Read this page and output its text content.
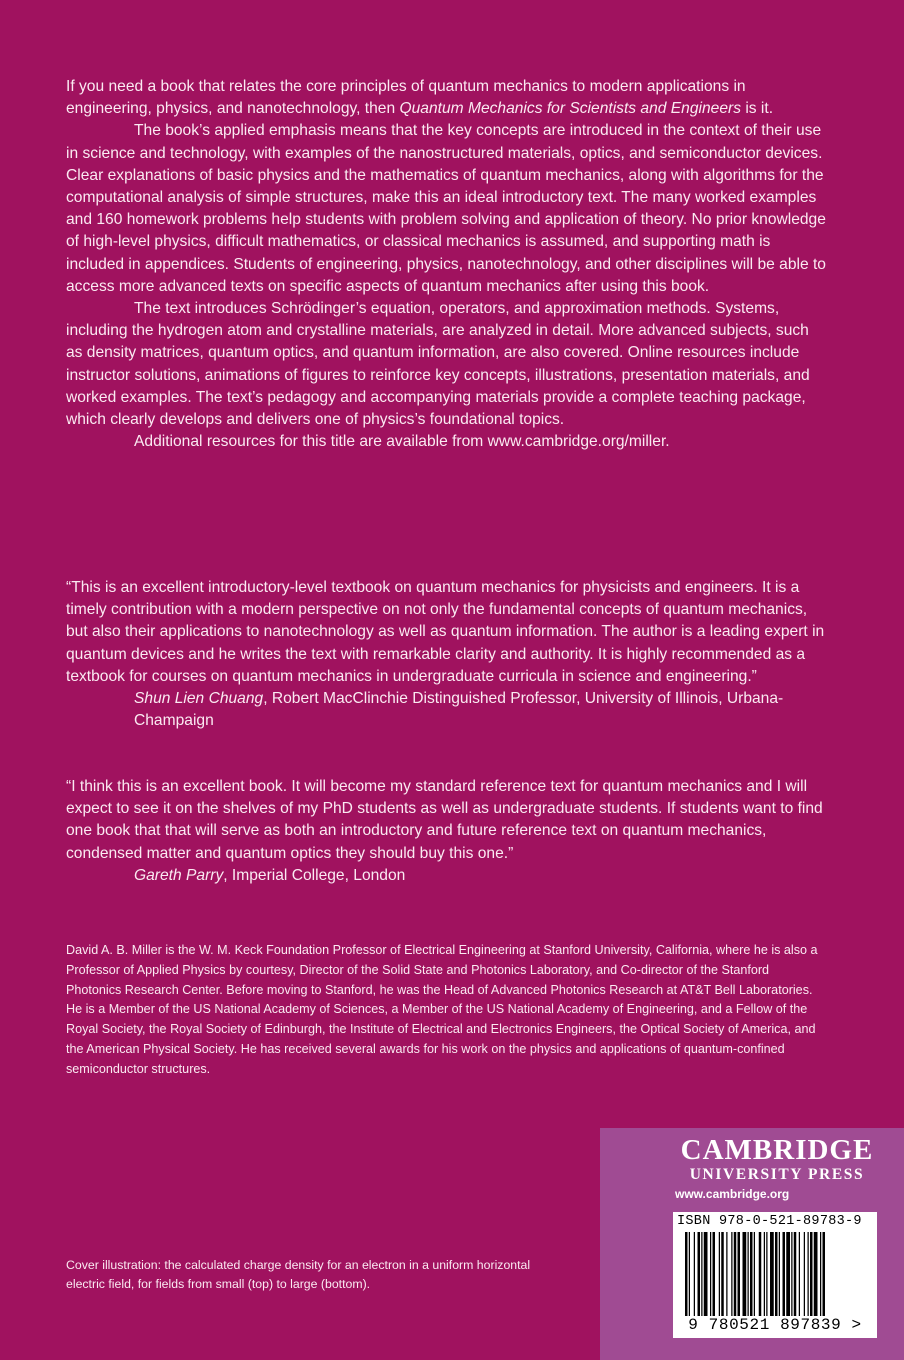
If you need a book that relates the core principles of quantum mechanics to modern applications in engineering, physics, and nanotechnology, then Quantum Mechanics for Scientists and Engineers is it.

The book’s applied emphasis means that the key concepts are introduced in the context of their use in science and technology, with examples of the nanostructured materials, optics, and semiconductor devices. Clear explanations of basic physics and the mathematics of quantum mechanics, along with algorithms for the computational analysis of simple structures, make this an ideal introductory text. The many worked examples and 160 homework problems help students with problem solving and application of theory. No prior knowledge of high-level physics, difficult mathematics, or classical mechanics is assumed, and supporting math is included in appendices. Students of engineering, physics, nanotechnology, and other disciplines will be able to access more advanced texts on specific aspects of quantum mechanics after using this book.

The text introduces Schrödinger’s equation, operators, and approximation methods. Systems, including the hydrogen atom and crystalline materials, are analyzed in detail. More advanced subjects, such as density matrices, quantum optics, and quantum information, are also covered. Online resources include instructor solutions, animations of figures to reinforce key concepts, illustrations, presentation materials, and worked examples. The text’s pedagogy and accompanying materials provide a complete teaching package, which clearly develops and delivers one of physics’s foundational topics.

Additional resources for this title are available from www.cambridge.org/miller.

“This is an excellent introductory-level textbook on quantum mechanics for physicists and engineers. It is a timely contribution with a modern perspective on not only the fundamental concepts of quantum mechanics, but also their applications to nanotechnology as well as quantum information. The author is a leading expert in quantum devices and he writes the text with remarkable clarity and authority. It is highly recommended as a textbook for courses on quantum mechanics in undergraduate curricula in science and engineering.”

Shun Lien Chuang, Robert MacClinchie Distinguished Professor, University of Illinois, Urbana-Champaign

“I think this is an excellent book. It will become my standard reference text for quantum mechanics and I will expect to see it on the shelves of my PhD students as well as undergraduate students. If students want to find one book that that will serve as both an introductory and future reference text on quantum mechanics, condensed matter and quantum optics they should buy this one.”

Gareth Parry, Imperial College, London

David A. B. Miller is the W. M. Keck Foundation Professor of Electrical Engineering at Stanford University, California, where he is also a Professor of Applied Physics by courtesy, Director of the Solid State and Photonics Laboratory, and Co-director of the Stanford Photonics Research Center. Before moving to Stanford, he was the Head of Advanced Photonics Research at AT&T Bell Laboratories. He is a Member of the US National Academy of Sciences, a Member of the US National Academy of Engineering, and a Fellow of the Royal Society, the Royal Society of Edinburgh, the Institute of Electrical and Electronics Engineers, the Optical Society of America, and the American Physical Society. He has received several awards for his work on the physics and applications of quantum-confined semiconductor structures.

Cover illustration: the calculated charge density for an electron in a uniform horizontal electric field, for fields from small (top) to large (bottom).

CAMBRIDGE
UNIVERSITY PRESS
www.cambridge.org
ISBN 978-0-521-89783-9
9 780521 897839 >
